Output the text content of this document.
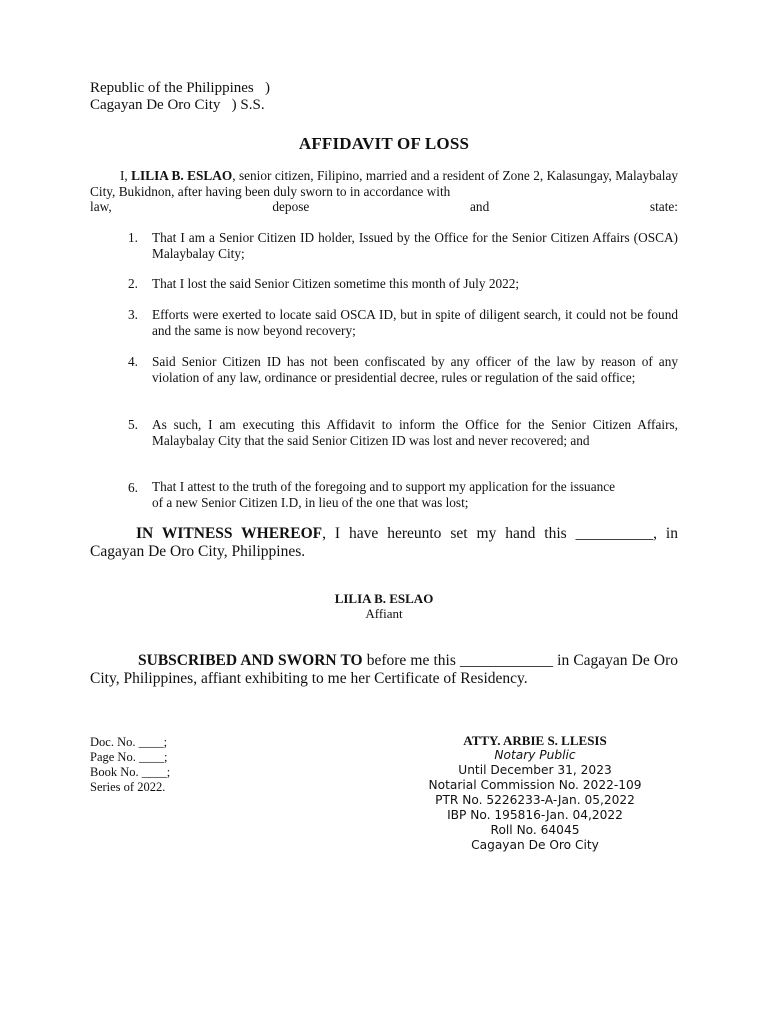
Republic of the Philippines   )
Cagayan De Oro City   ) S.S.
AFFIDAVIT OF LOSS
I, LILIA B. ESLAO, senior citizen, Filipino, married and a resident of Zone 2, Kalasungay, Malaybalay City, Bukidnon, after having been duly sworn to in accordance with
law,	depose	and	state:
1.	That I am a Senior Citizen ID holder, Issued by the Office for the Senior Citizen Affairs (OSCA) Malaybalay City;
2.	That I lost the said Senior Citizen sometime this month of July 2022;
3.	Efforts were exerted to locate said OSCA ID, but in spite of diligent search, it could not be found and the same is now beyond recovery;
4.	Said Senior Citizen ID has not been confiscated by any officer of the law by reason of any violation of any law, ordinance or presidential decree, rules or regulation of the said office;
5.	As such, I am executing this Affidavit to inform the Office for the Senior Citizen Affairs, Malaybalay City that the said Senior Citizen ID was lost and never recovered; and
That I attest to the truth of the foregoing and to support my application for the issuance
6.
of a new Senior Citizen I.D, in lieu of the one that was lost;
IN WITNESS WHEREOF, I have hereunto set my hand this __________, in Cagayan De Oro City, Philippines.
LILIA B. ESLAO
Affiant
SUBSCRIBED AND SWORN TO before me this ____________ in Cagayan De Oro City, Philippines, affiant exhibiting to me her Certificate of Residency.
Doc. No. ____;
Page No. ____;
Book No. ____;
Series of 2022.
ATTY. ARBIE S. LLESIS
Notary Public
Until December 31, 2023
Notarial Commission No. 2022-109
PTR No. 5226233-A-Jan. 05,2022
IBP No. 195816-Jan. 04,2022
Roll No. 64045
Cagayan De Oro City
